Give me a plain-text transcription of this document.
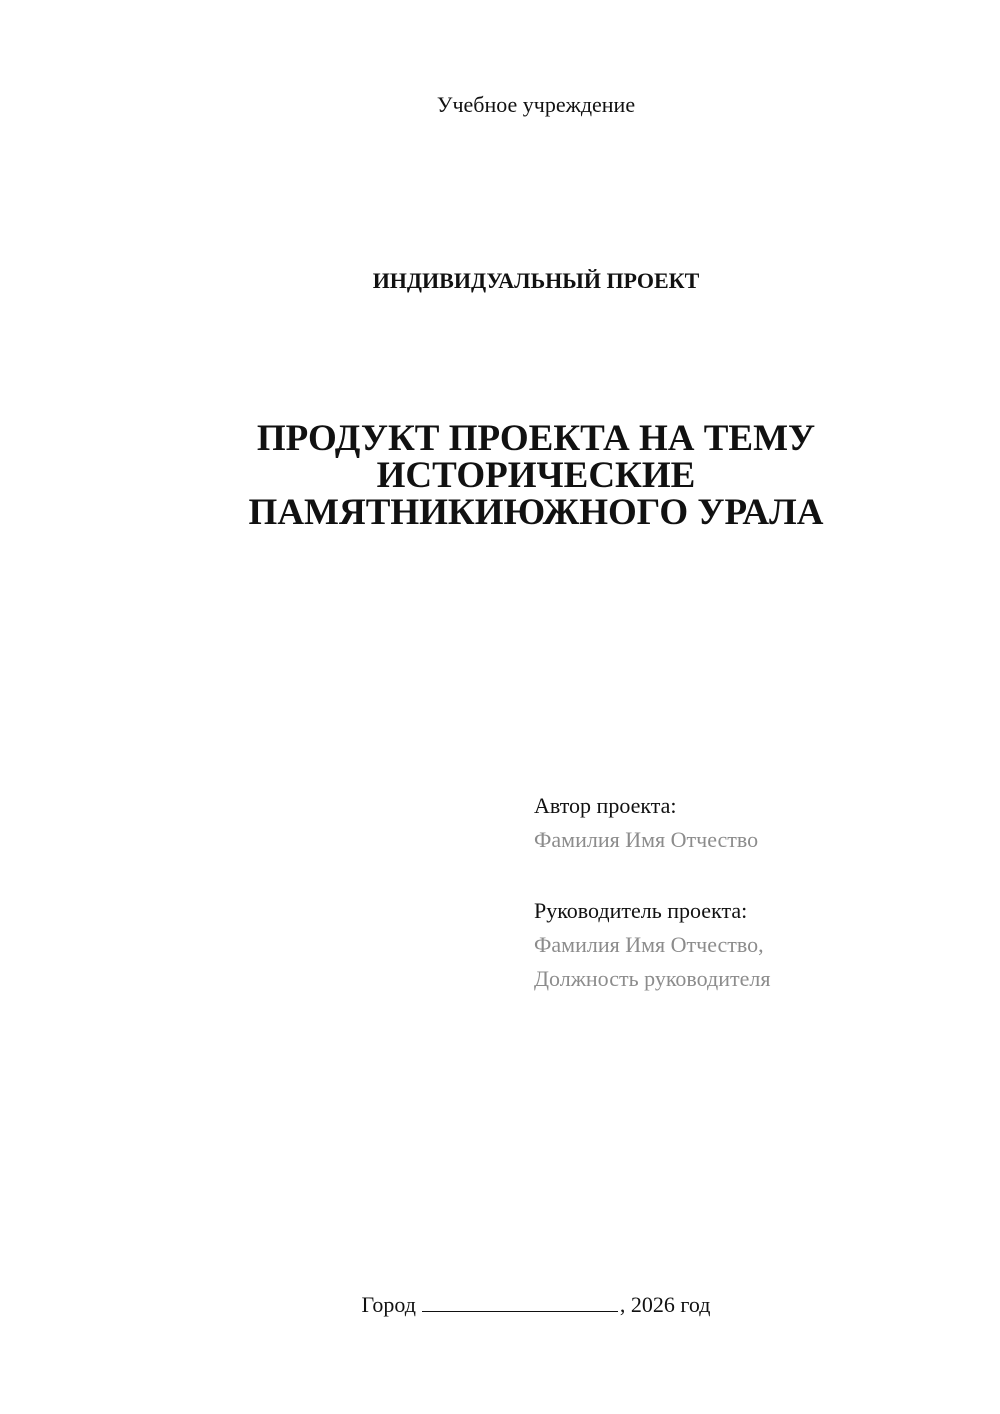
Учебное учреждение
ИНДИВИДУАЛЬНЫЙ ПРОЕКТ
ПРОДУКТ ПРОЕКТА НА ТЕМУ
ИСТОРИЧЕСКИЕ
ПАМЯТНИКИЮЖНОГО УРАЛА
Автор проекта:
Фамилия Имя Отчество
Руководитель проекта:
Фамилия Имя Отчество,
Должность руководителя
Город	, 2026 год
